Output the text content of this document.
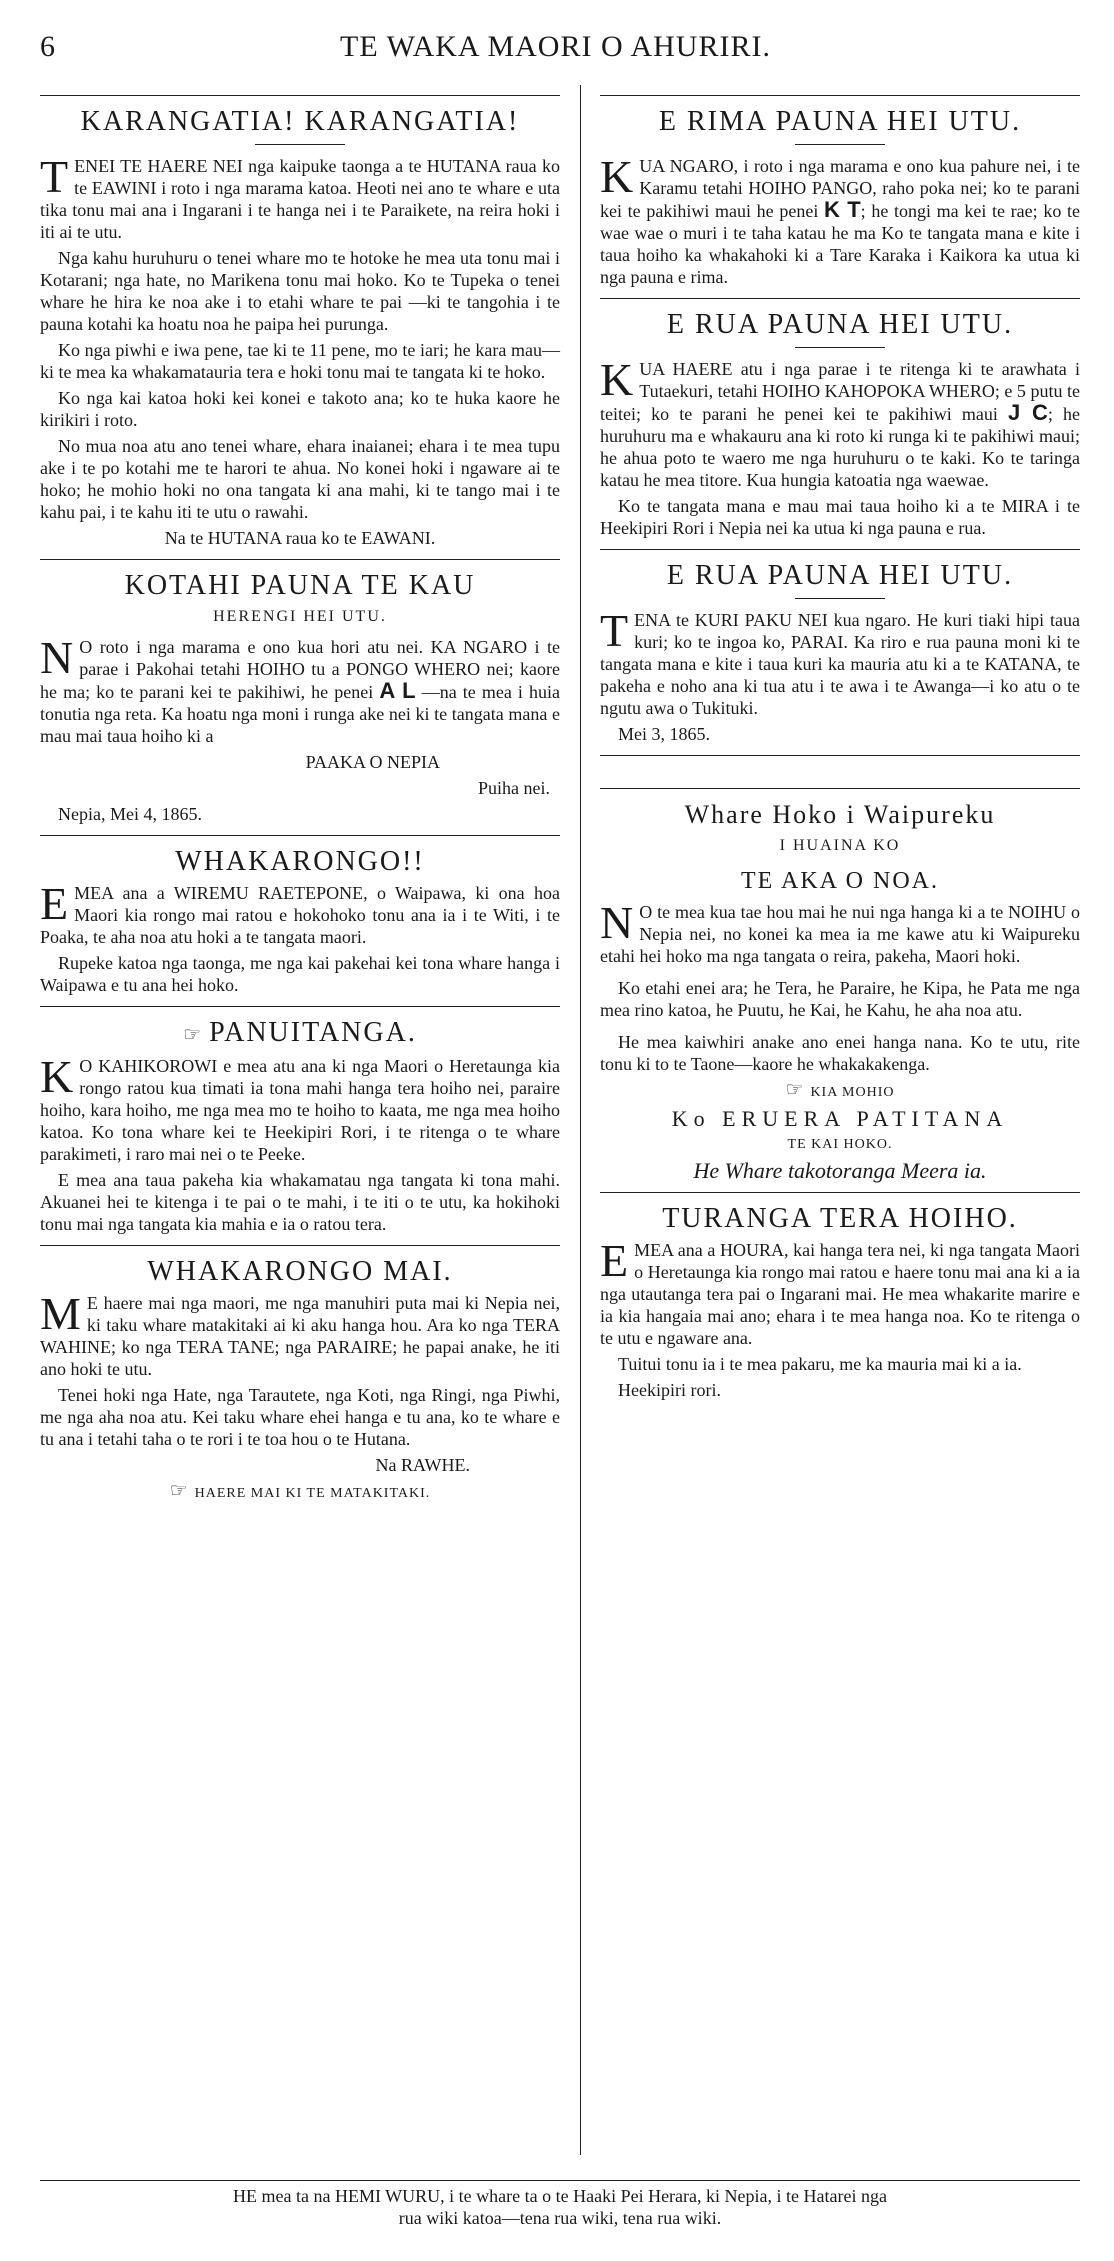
6	TE WAKA MAORI O AHURIRI.
KARANGATIA! KARANGATIA!

TENEI TE HAERE NEI nga kaipuke taonga a te HUTANA raua ko te EAWINI i roto i nga marama katoa. Heoti nei ano te whare e uta tika tonu mai ana i Ingarani i te hanga nei i te Paraikete, na reira hoki i iti ai te utu.

Nga kahu huruhuru o tenei whare mo te hotoke he mea uta tonu mai i Kotarani; nga hate, no Marikena tonu mai hoko. Ko te Tupeka o tenei whare he hira ke noa ake i to etahi whare te pai —ki te tangohia i te pauna kotahi ka hoatu noa he paipa hei purunga.

Ko nga piwhi e iwa pene, tae ki te 11 pene, mo te iari; he kara mau—ki te mea ka whakamatauria tera e hoki tonu mai te tangata ki te hoko.

Ko nga kai katoa hoki kei konei e takoto ana; ko te huka kaore he kirikiri i roto.

No mua noa atu ano tenei whare, ehara inaianei; ehara i te mea tupu ake i te po kotahi me te harori te ahua. No konei hoki i ngaware ai te hoko; he mohio hoki no ona tangata ki ana mahi, ki te tango mai i te kahu pai, i te kahu iti te utu o rawahi.

Na te HUTANA raua ko te EAWANI.
KOTAHI PAUNA TE KAU
HERENGI HEI UTU.

N O roto i nga marama e ono kua hori atu nei. KA NGARO i te parae i Pakohai tetahi HOIHO tu a PONGO WHERO nei; kaore he ma; ko te parani kei te pakihiwi, he penei A L —na te mea i huia tonutia nga reta. Ka hoatu nga moni i runga ake nei ki te tangata mana e mau mai taua hoiho ki a

PAAKA O NEPIA
Puiha nei.

Nepia, Mei 4, 1865.

WHAKARONGO!!

EMEA ana a WIREMU RAETEPONE, o Waipawa, ki ona hoa Maori kia rongo mai ratou e hokohoko tonu ana ia i te Witi, i te Poaka, te aha noa atu hoki a te tangata maori.

Rupeke katoa nga taonga, me nga kai pakehai kei tona whare hanga i Waipawa e tu ana hei hoko.

☞ PANUITANGA.

K O KAHIKOROWI e mea atu ana ki nga Maori o Heretaunga kia rongo ratou kua timati ia tona mahi hanga tera hoiho nei, paraire hoiho, kara hoiho, me nga mea mo te hoiho to kaata, me nga mea hoiho katoa. Ko tona whare kei te Heekipiri Rori, i te ritenga o te whare parakimeti, i raro mai nei o te Peeke.

E mea ana taua pakeha kia whakamatau nga tangata ki tona mahi. Akuanei hei te kitenga i te pai o te mahi, i te iti o te utu, ka hokihoki tonu mai nga tangata kia mahia e ia o ratou tera.

WHAKARONGO MAI.

M E haere mai nga maori, me nga manuhiri puta mai ki Nepia nei, ki taku whare matakitaki ai ki aku hanga hou. Ara ko nga TERA WAHINE; ko nga TERA TANE; nga PARAIRE; he papai anake, he iti ano hoki te utu.

Tenei hoki nga Hate, nga Tarautete, nga Koti, nga Ringi, nga Piwhi, me nga aha noa atu. Kei taku whare ehei hanga e tu ana, ko te whare e tu ana i tetahi taha o te rori i te toa hou o te Hutana.

Na RAWHE.
☞ HAERE MAI KI TE MATAKITAKI.
E RIMA PAUNA HEI UTU.

KUA NGARO, i roto i nga marama e ono kua pahure nei, i te Karamu tetahi HOIHO PANGO, raho poka nei; ko te parani kei te pakihiwi maui he penei K T; he tongi ma kei te rae; ko te wae wae o muri i te taha katau he ma Ko te tangata mana e kite i taua hoiho ka whakahoki ki a Tare Karaka i Kaikora ka utua ki nga pauna e rima.

E RUA PAUNA HEI UTU.

KUA HAERE atu i nga parae i te ritenga ki te arawhata i Tutaekuri, tetahi HOIHO KAHOPOKA WHERO; e 5 putu te teitei; ko te parani he penei kei te pakihiwi maui J C; he huruhuru ma e whakauru ana ki roto ki runga ki te pakihiwi maui; he ahua poto te waero me nga huruhuru o te kaki. Ko te taringa katau he mea titore. Kua hungia katoatia nga waewae.

Ko te tangata mana e mau mai taua hoiho ki a te MIRA i te Heekipiri Rori i Nepia nei ka utua ki nga pauna e rua.

E RUA PAUNA HEI UTU.

TENA te KURI PAKU NEI kua ngaro. He kuri tiaki hipi taua kuri; ko te ingoa ko, PARAI. Ka riro e rua pauna moni ki te tangata mana e kite i taua kuri ka mauria atu ki a te KATANA, te pakeha e noho ana ki tua atu i te awa i te Awanga—i ko atu o te ngutu awa o Tukituki.

Mei 3, 1865.

Whare Hoko i Waipureku
I HUAINA KO
TE AKA O NOA.

N O te mea kua tae hou mai he nui nga hanga ki a te NOIHU o Nepia nei, no konei ka mea ia me kawe atu ki Waipureku etahi hei hoko ma nga tangata o reira, pakeha, Maori hoki.

Ko etahi enei ara; he Tera, he Paraire, he Kipa, he Pata me nga mea rino katoa, he Puutu, he Kai, he Kahu, he aha noa atu.

He mea kaiwhiri anake ano enei hanga nana. Ko te utu, rite tonu ki to te Taone—kaore he whakakakenga.

☞ KIA MOHIO
Ko ERUERA PATITANA
TE KAI HOKO.
He Whare takotoranga Meera ia.
TURANGA TERA HOIHO.

EMEA ana a HOURA, kai hanga tera nei, ki nga tangata Maori o Heretaunga kia rongo mai ratou e haere tonu mai ana ki a ia nga utautanga tera pai o Ingarani mai. He mea whakarite marire e ia kia hangaia mai ano; ehara i te mea hanga noa. Ko te ritenga o te utu e ngaware ana.

Tuitui tonu ia i te mea pakaru, me ka mauria mai ki a ia.

Heekipiri rori.

HE mea ta na HEMI WURU, i te whare ta o te Haaki Pei Herara, ki Nepia, i te Hatarei nga
rua wiki katoa—tena rua wiki, tena rua wiki.
